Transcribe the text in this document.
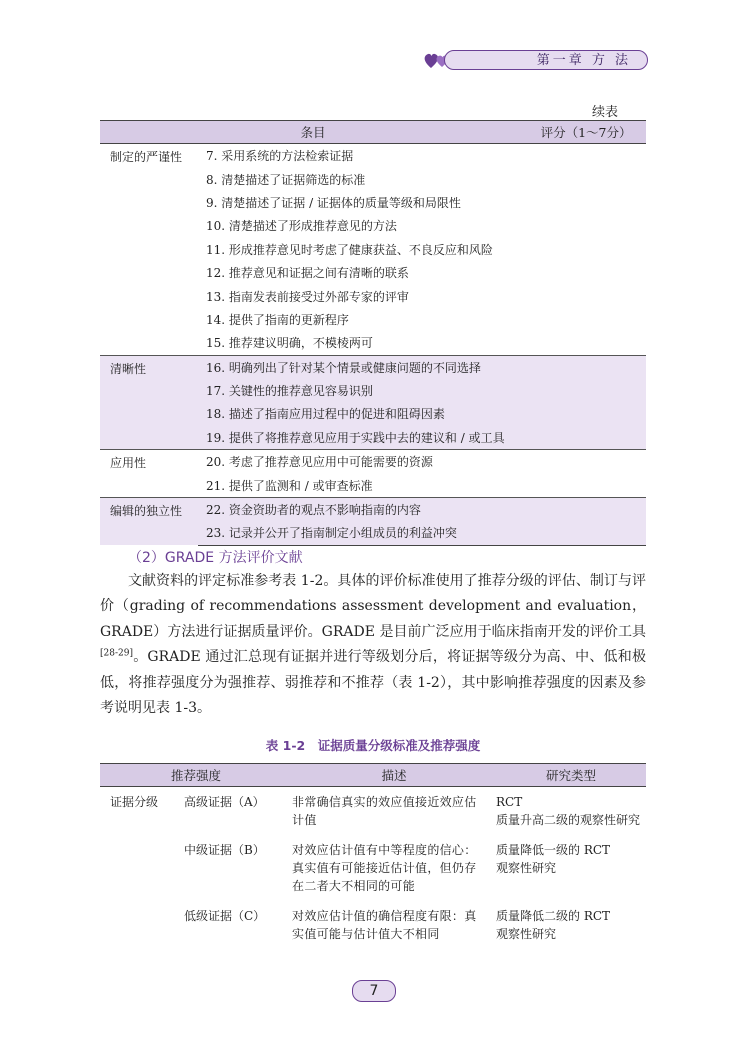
第一章 方 法
续表
条目		评分（1～7分）
制定的严谨性	7. 采用系统的方法检索证据	
	8. 清楚描述了证据筛选的标准	
	9. 清楚描述了证据 / 证据体的质量等级和局限性	
	10. 清楚描述了形成推荐意见的方法	
	11. 形成推荐意见时考虑了健康获益、不良反应和风险	
	12. 推荐意见和证据之间有清晰的联系	
	13. 指南发表前接受过外部专家的评审	
	14. 提供了指南的更新程序	
	15. 推荐建议明确，不模棱两可	
清晰性	16. 明确列出了针对某个情景或健康问题的不同选择	
	17. 关键性的推荐意见容易识别	
	18. 描述了指南应用过程中的促进和阻碍因素	
	19. 提供了将推荐意见应用于实践中去的建议和 / 或工具	
应用性	20. 考虑了推荐意见应用中可能需要的资源	
	21. 提供了监测和 / 或审查标准	
编辑的独立性	22. 资金资助者的观点不影响指南的内容	
	23. 记录并公开了指南制定小组成员的利益冲突	
（2）GRADE 方法评价文献

文献资料的评定标准参考表 1-2。具体的评价标准使用了推荐分级的评估、制订与评价（grading of recommendations assessment development and evaluation，GRADE）方法进行证据质量评价。GRADE 是目前广泛应用于临床指南开发的评价工具[28-29]。GRADE 通过汇总现有证据并进行等级划分后，将证据等级分为高、中、低和极低，将推荐强度分为强推荐、弱推荐和不推荐（表 1-2），其中影响推荐强度的因素及参考说明见表 1-3。

表 1-2　证据质量分级标准及推荐强度
推荐强度		描述	研究类型
证据分级	高级证据（A）	非常确信真实的效应值接近效应估计值	RCT
质量升高二级的观察性研究

	中级证据（B）	对效应估计值有中等程度的信心：真实值有可能接近估计值，但仍存在二者大不相同的可能	质量降低一级的 RCT
观察性研究

	低级证据（C）	对效应估计值的确信程度有限：真实值可能与估计值大不相同	质量降低二级的 RCT
观察性研究
7
